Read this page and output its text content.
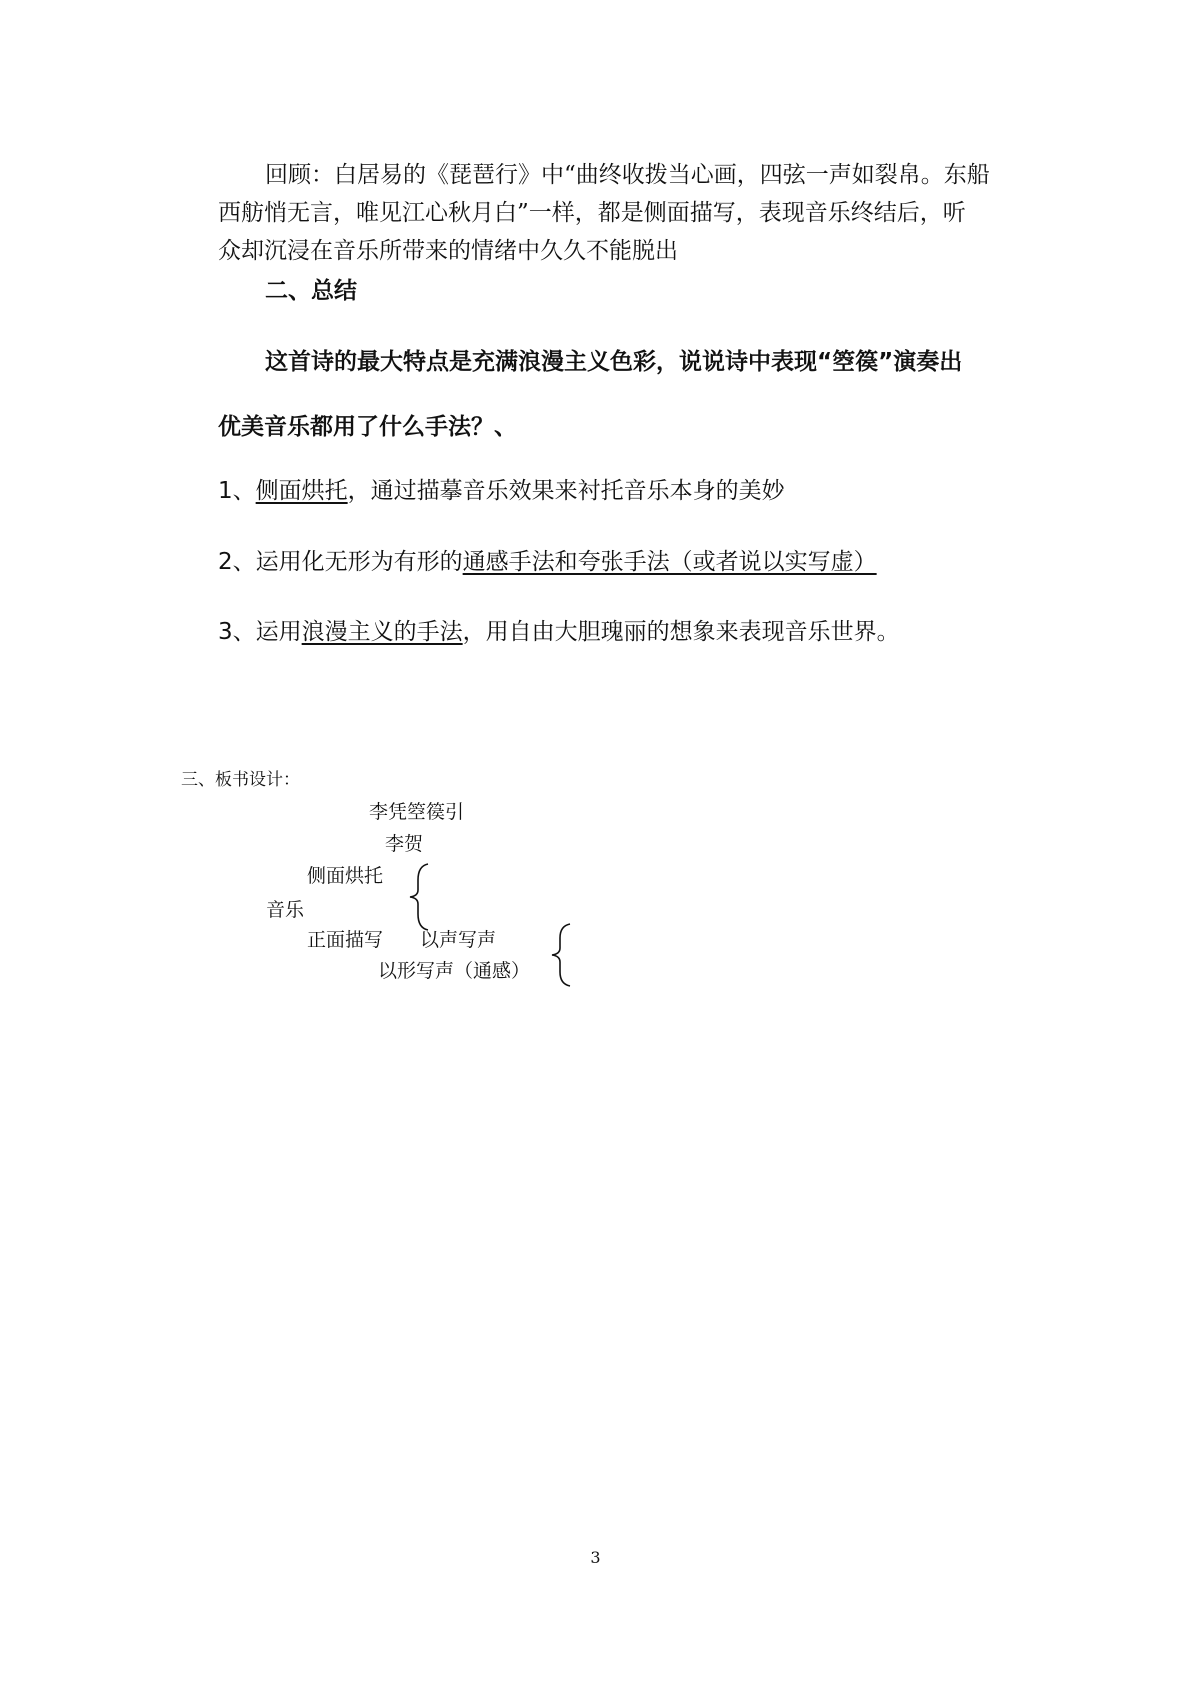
回顾：白居易的《琵琶行》中“曲终收拨当心画，四弦一声如裂帛。东船
西舫悄无言，唯见江心秋月白”一样，都是侧面描写，表现音乐终结后，听
众却沉浸在音乐所带来的情绪中久久不能脱出
二、总结
这首诗的最大特点是充满浪漫主义色彩，说说诗中表现“箜篌”演奏出
优美音乐都用了什么手法？、
1、侧面烘托，通过描摹音乐效果来衬托音乐本身的美妙
2、运用化无形为有形的通感手法和夸张手法（或者说以实写虚）
3、运用浪漫主义的手法，用自由大胆瑰丽的想象来表现音乐世界。
三、板书设计：
李凭箜篌引
李贺
侧面烘托
音乐
正面描写 以声写声
以形写声（通感）
3
